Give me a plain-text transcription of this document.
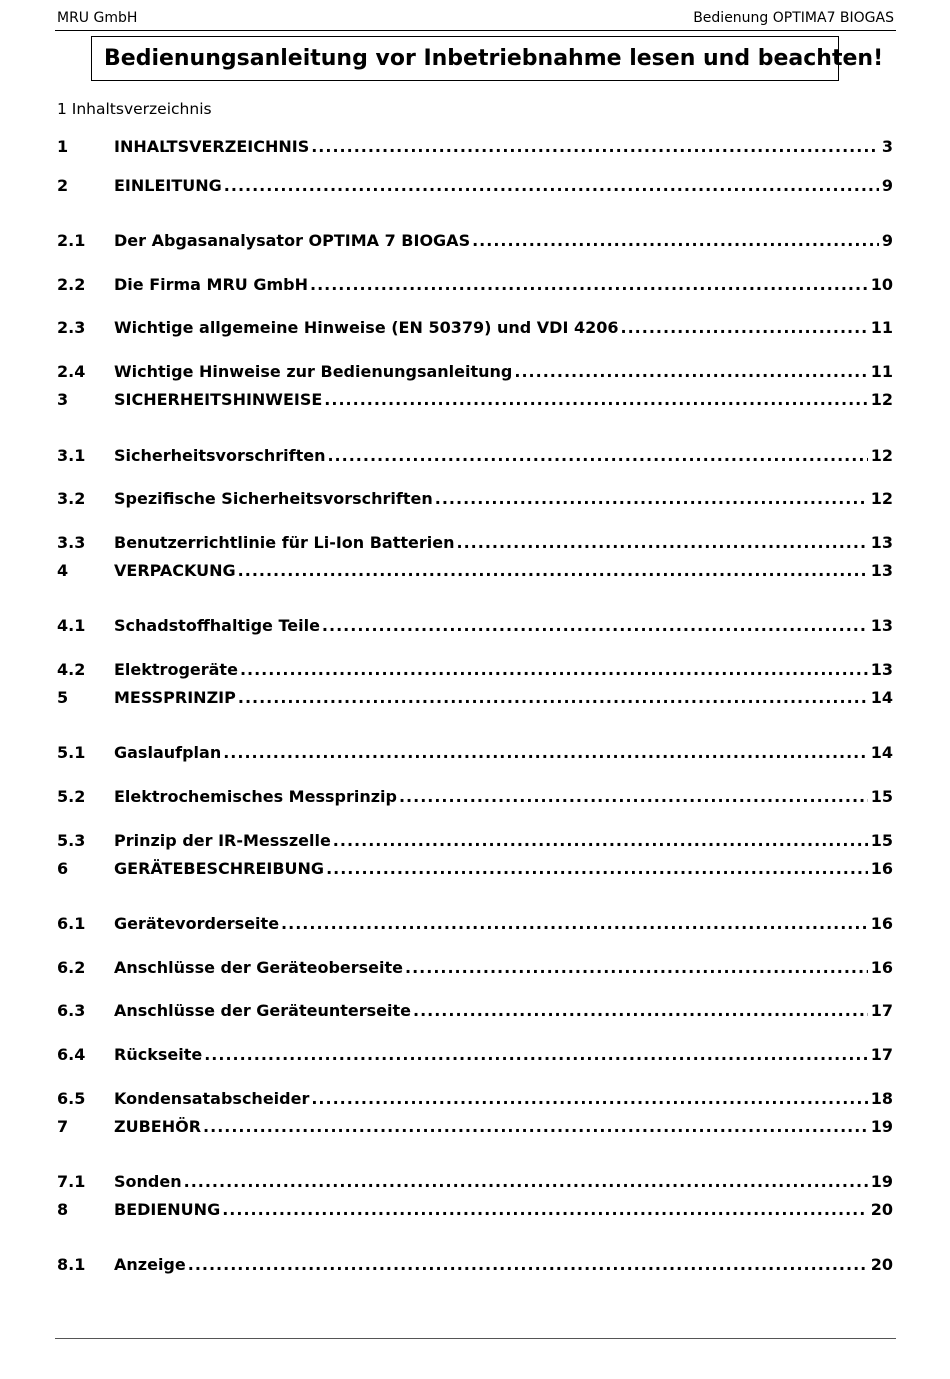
MRU GmbH	Bedienung OPTIMA7 BIOGAS
Bedienungsanleitung vor Inbetriebnahme lesen und beachten!
1 Inhaltsverzeichnis
1	INHALTSVERZEICHNIS .....	3
2	EINLEITUNG .....	9
2.1	Der Abgasanalysator OPTIMA 7 BIOGAS .....	9
2.2	Die Firma MRU GmbH .....	10
2.3	Wichtige allgemeine Hinweise (EN 50379) und VDI 4206 .....	11
2.4	Wichtige Hinweise zur Bedienungsanleitung .....	11
3	SICHERHEITSHINWEISE .....	12
3.1	Sicherheitsvorschriften .....	12
3.2	Spezifische Sicherheitsvorschriften .....	12
3.3	Benutzerrichtlinie für Li-Ion Batterien .....	13
4	VERPACKUNG .....	13
4.1	Schadstoffhaltige Teile .....	13
4.2	Elektrogeräte .....	13
5	MESSPRINZIP .....	14
5.1	Gaslaufplan .....	14
5.2	Elektrochemisches Messprinzip .....	15
5.3	Prinzip der IR-Messzelle .....	15
6	GERÄTEBESCHREIBUNG .....	16
6.1	Gerätevorderseite .....	16
6.2	Anschlüsse der Geräteoberseite .....	16
6.3	Anschlüsse der Geräteunterseite .....	17
6.4	Rückseite .....	17
6.5	Kondensatabscheider .....	18
7	ZUBEHÖR .....	19
7.1	Sonden .....	19
8	BEDIENUNG .....	20
8.1	Anzeige .....	20
